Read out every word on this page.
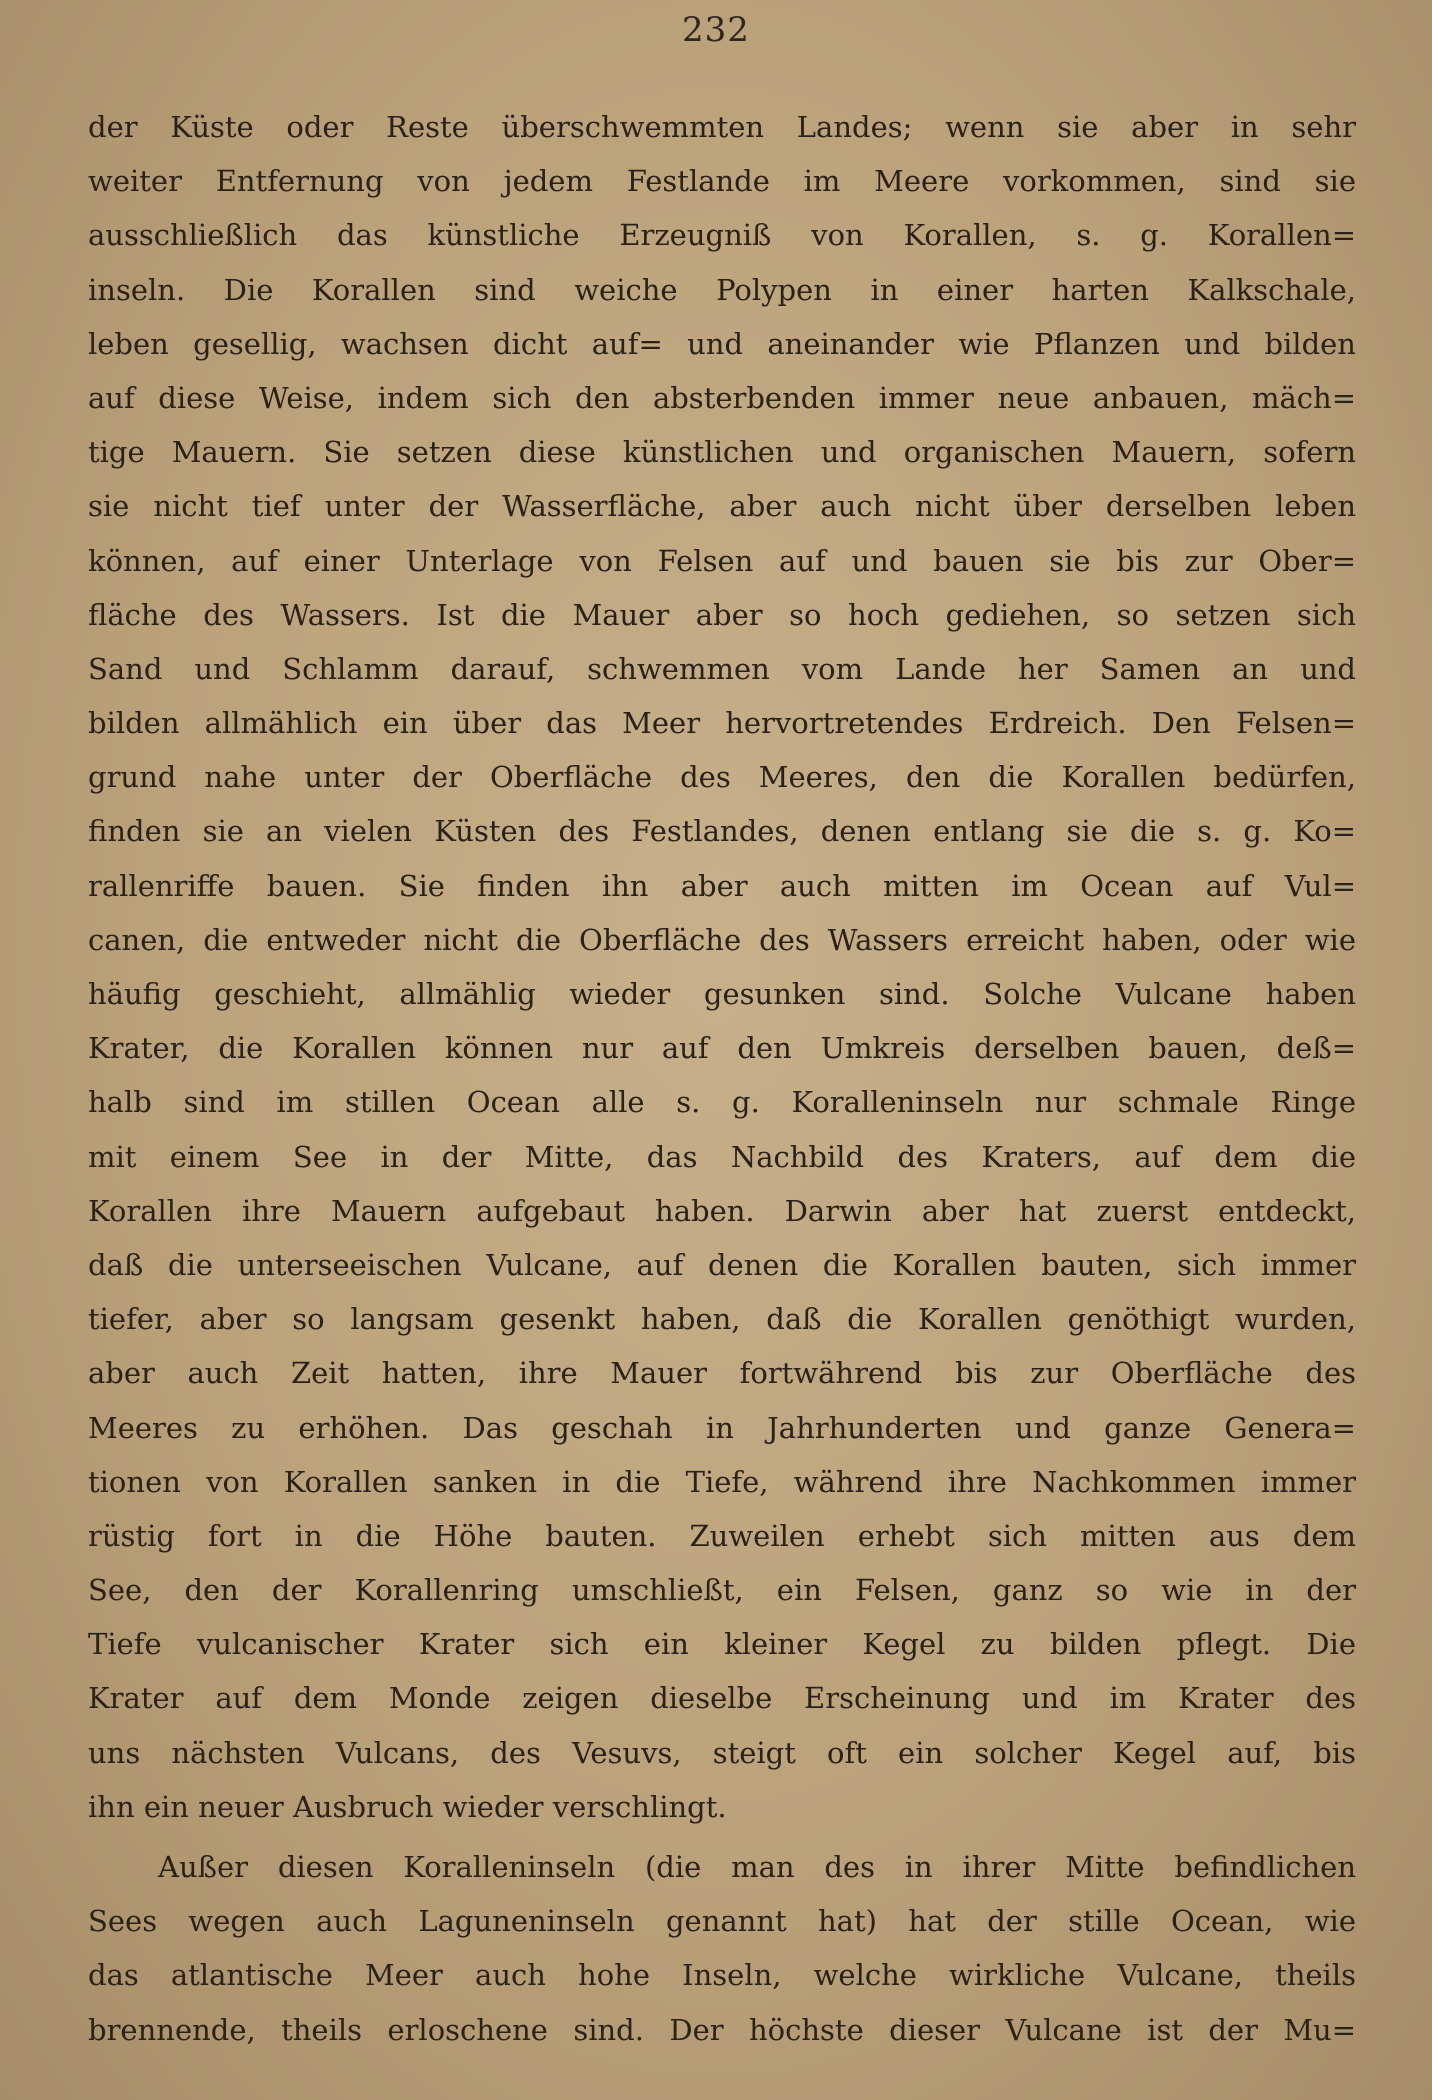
232
der Küste oder Reste überschwemmten Landes; wenn sie aber in sehr
weiter Entfernung von jedem Festlande im Meere vorkommen, sind sie
ausschließlich das künstliche Erzeugniß von Korallen, s. g. Korallen=
inseln. Die Korallen sind weiche Polypen in einer harten Kalkschale,
leben gesellig, wachsen dicht auf= und aneinander wie Pflanzen und bilden
auf diese Weise, indem sich den absterbenden immer neue anbauen, mäch=
tige Mauern. Sie setzen diese künstlichen und organischen Mauern, sofern
sie nicht tief unter der Wasserfläche, aber auch nicht über derselben leben
können, auf einer Unterlage von Felsen auf und bauen sie bis zur Ober=
fläche des Wassers. Ist die Mauer aber so hoch gediehen, so setzen sich
Sand und Schlamm darauf, schwemmen vom Lande her Samen an und
bilden allmählich ein über das Meer hervortretendes Erdreich. Den Felsen=
grund nahe unter der Oberfläche des Meeres, den die Korallen bedürfen,
finden sie an vielen Küsten des Festlandes, denen entlang sie die s. g. Ko=
rallenriffe bauen. Sie finden ihn aber auch mitten im Ocean auf Vul=
canen, die entweder nicht die Oberfläche des Wassers erreicht haben, oder wie
häufig geschieht, allmählig wieder gesunken sind. Solche Vulcane haben
Krater, die Korallen können nur auf den Umkreis derselben bauen, deß=
halb sind im stillen Ocean alle s. g. Koralleninseln nur schmale Ringe
mit einem See in der Mitte, das Nachbild des Kraters, auf dem die
Korallen ihre Mauern aufgebaut haben. Darwin aber hat zuerst entdeckt,
daß die unterseeischen Vulcane, auf denen die Korallen bauten, sich immer
tiefer, aber so langsam gesenkt haben, daß die Korallen genöthigt wurden,
aber auch Zeit hatten, ihre Mauer fortwährend bis zur Oberfläche des
Meeres zu erhöhen. Das geschah in Jahrhunderten und ganze Genera=
tionen von Korallen sanken in die Tiefe, während ihre Nachkommen immer
rüstig fort in die Höhe bauten. Zuweilen erhebt sich mitten aus dem
See, den der Korallenring umschließt, ein Felsen, ganz so wie in der
Tiefe vulcanischer Krater sich ein kleiner Kegel zu bilden pflegt. Die
Krater auf dem Monde zeigen dieselbe Erscheinung und im Krater des
uns nächsten Vulcans, des Vesuvs, steigt oft ein solcher Kegel auf, bis
ihn ein neuer Ausbruch wieder verschlingt.
Außer diesen Koralleninseln (die man des in ihrer Mitte befindlichen
Sees wegen auch Laguneninseln genannt hat) hat der stille Ocean, wie
das atlantische Meer auch hohe Inseln, welche wirkliche Vulcane, theils
brennende, theils erloschene sind. Der höchste dieser Vulcane ist der Mu=
